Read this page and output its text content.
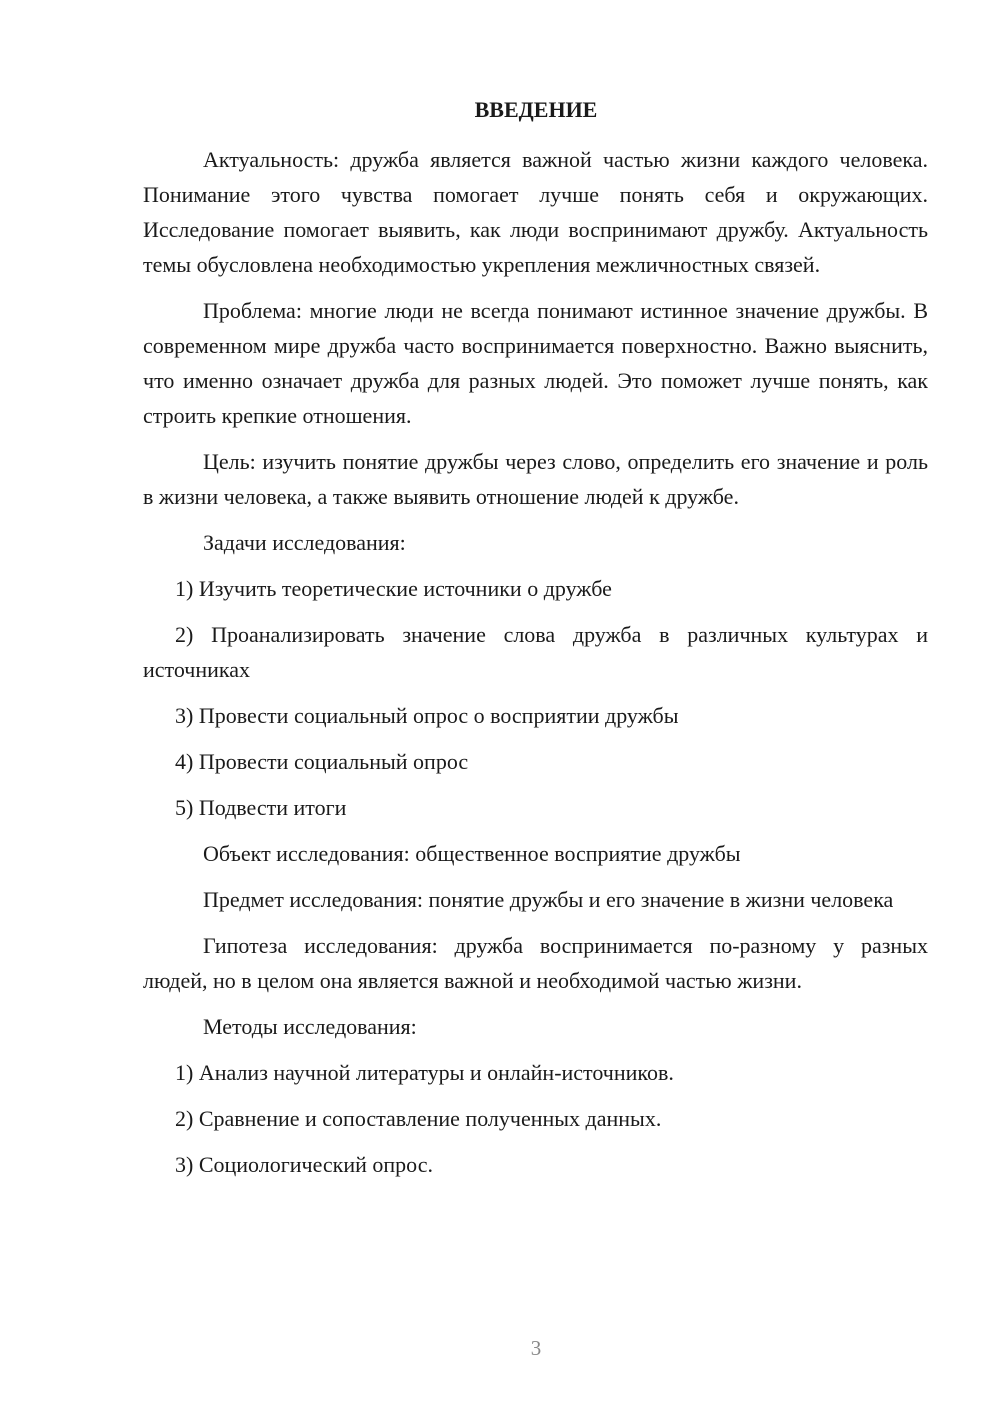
ВВЕДЕНИЕ

Актуальность: дружба является важной частью жизни каждого человека. Понимание этого чувства помогает лучше понять себя и окружающих. Исследование помогает выявить, как люди воспринимают дружбу. Актуальность темы обусловлена необходимостью укрепления межличностных связей.

Проблема: многие люди не всегда понимают истинное значение дружбы. В современном мире дружба часто воспринимается поверхностно. Важно выяснить, что именно означает дружба для разных людей. Это поможет лучше понять, как строить крепкие отношения.

Цель: изучить понятие дружбы через слово, определить его значение и роль в жизни человека, а также выявить отношение людей к дружбе.

Задачи исследования:

1) Изучить теоретические источники о дружбе

2) Проанализировать значение слова дружба в различных культурах и источниках

3) Провести социальный опрос о восприятии дружбы

4) Провести социальный опрос

5) Подвести итоги

Объект исследования: общественное восприятие дружбы

Предмет исследования: понятие дружбы и его значение в жизни человека

Гипотеза исследования: дружба воспринимается по-разному у разных людей, но в целом она является важной и необходимой частью жизни.

Методы исследования:

1) Анализ научной литературы и онлайн-источников.

2) Сравнение и сопоставление полученных данных.

3) Социологический опрос.

3
